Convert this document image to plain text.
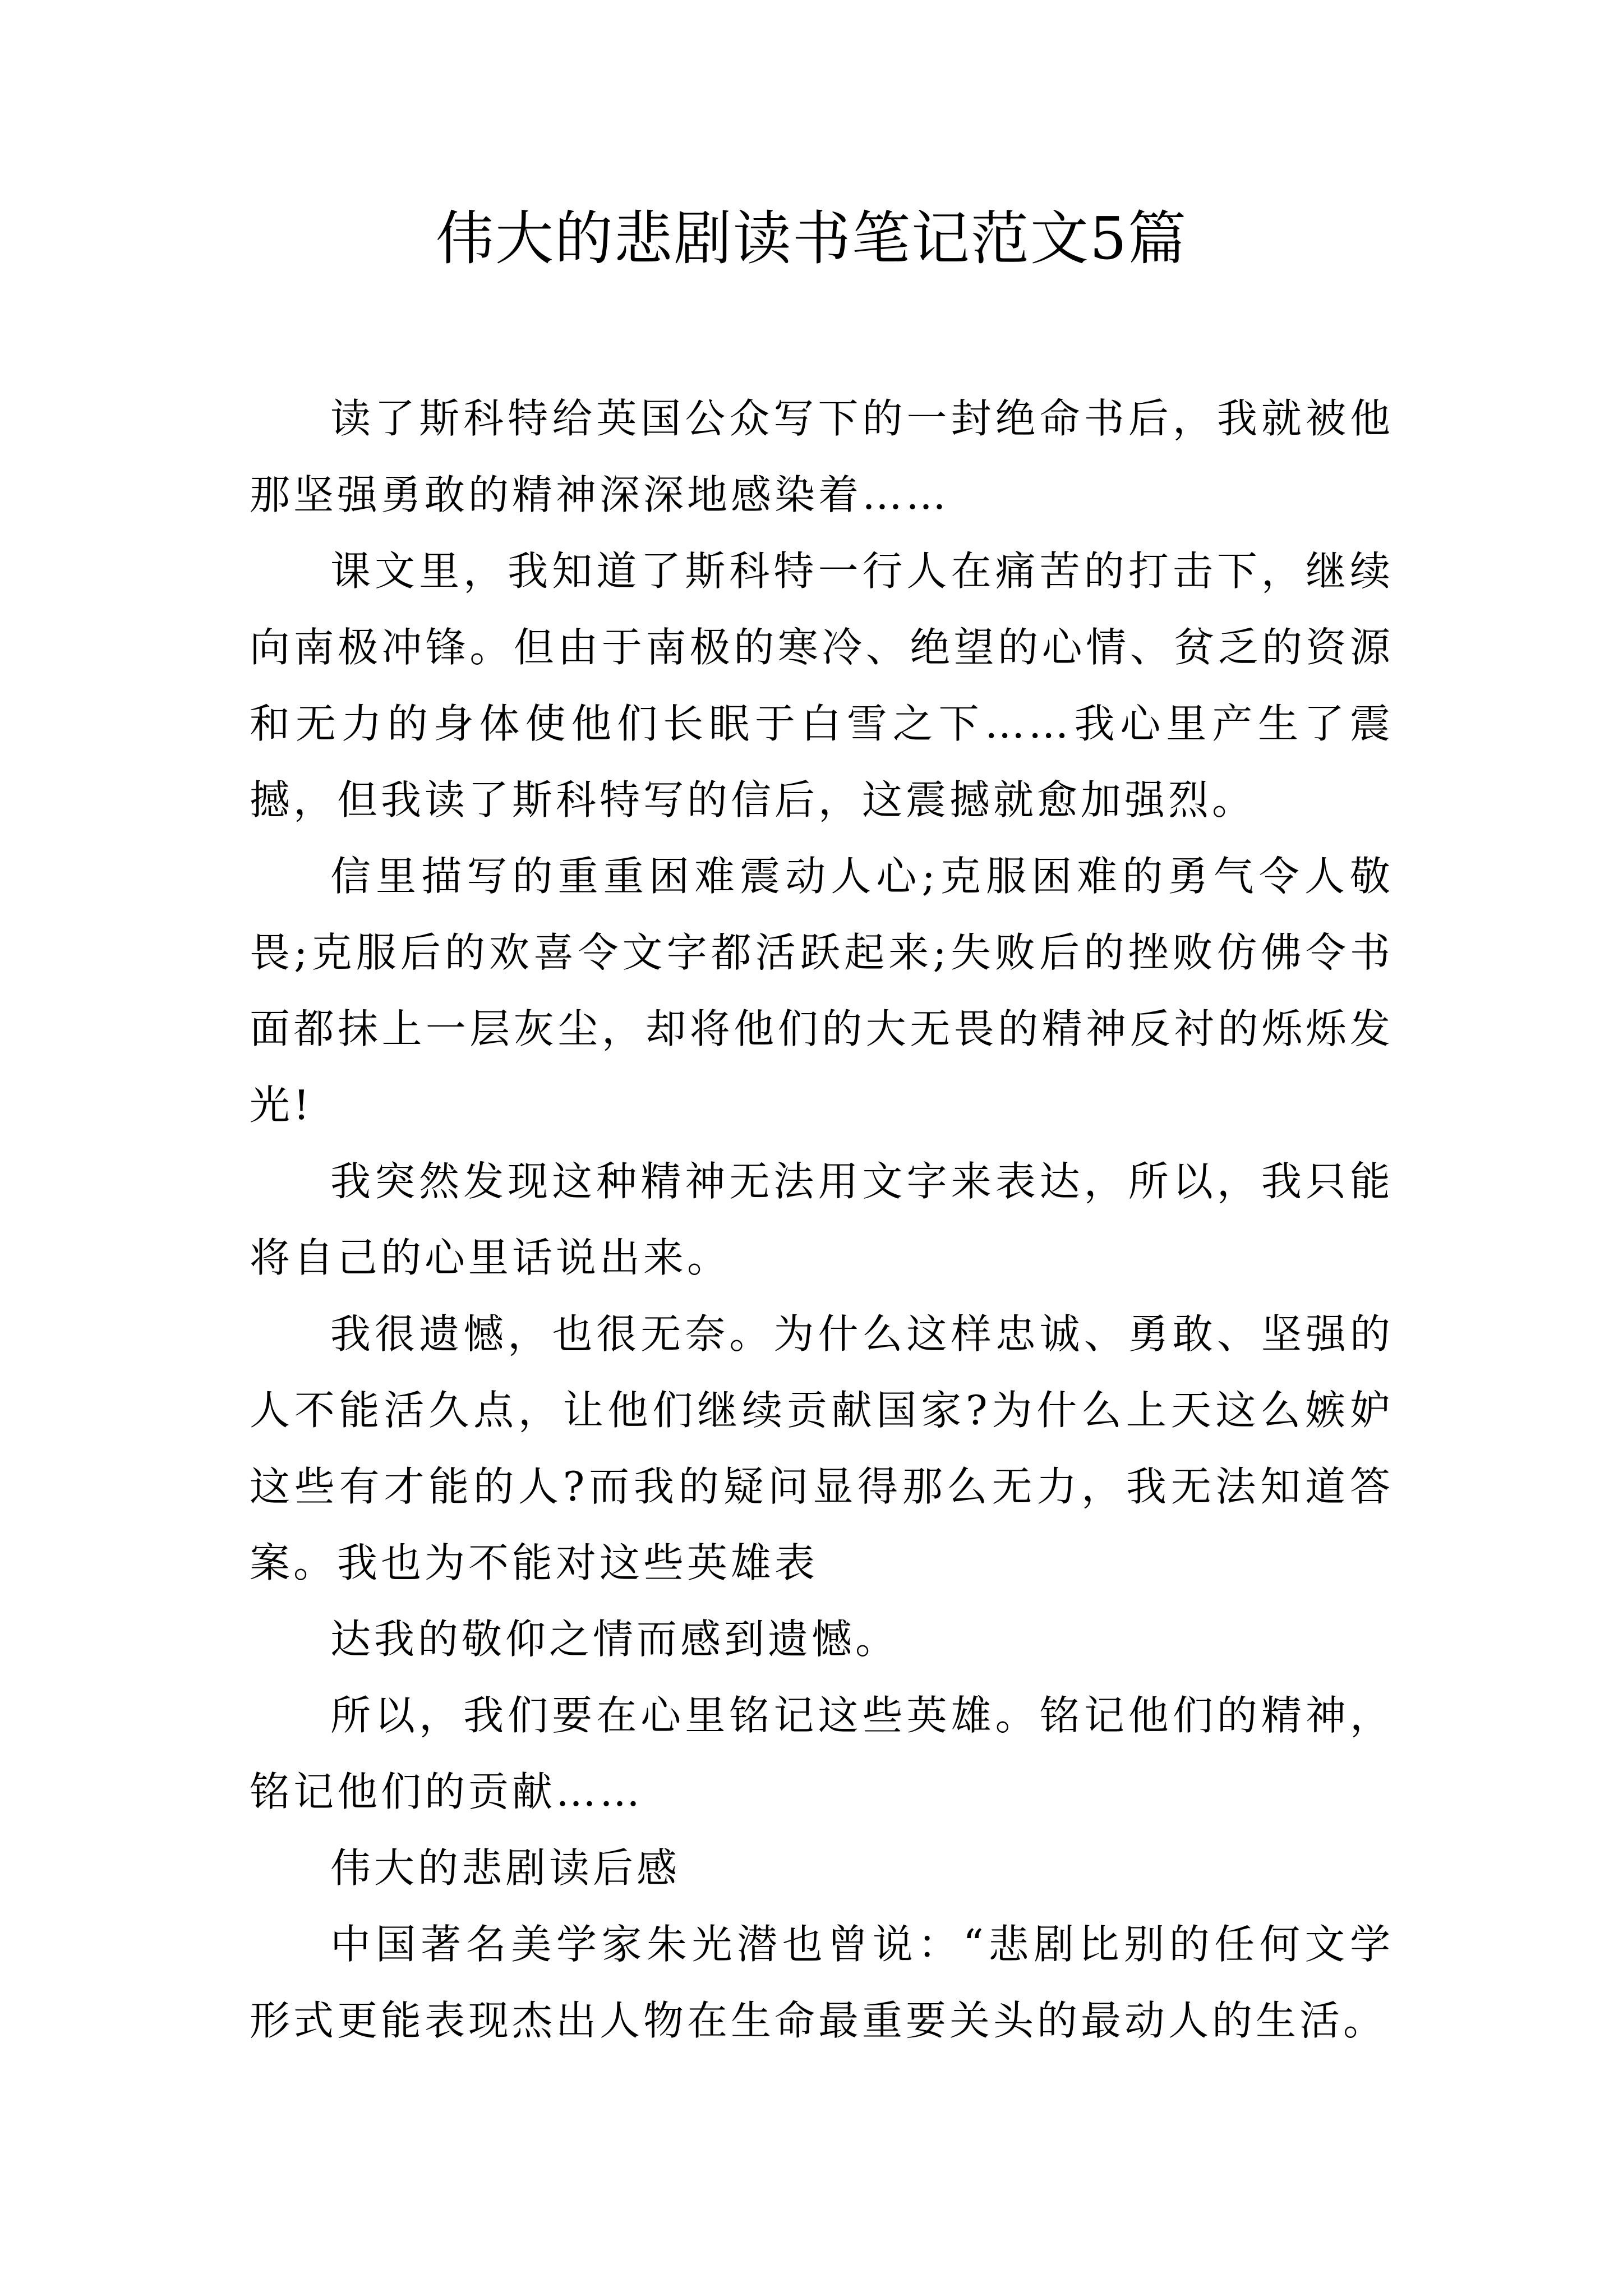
伟大的悲剧读书笔记范文5篇

读了斯科特给英国公众写下的一封绝命书后，我就被他那坚强勇敢的精神深深地感染着……

课文里，我知道了斯科特一行人在痛苦的打击下，继续向南极冲锋。但由于南极的寒冷、绝望的心情、贫乏的资源和无力的身体使他们长眠于白雪之下……我心里产生了震撼，但我读了斯科特写的信后，这震撼就愈加强烈。

信里描写的重重困难震动人心;克服困难的勇气令人敬畏;克服后的欢喜令文字都活跃起来;失败后的挫败仿佛令书面都抹上一层灰尘，却将他们的大无畏的精神反衬的烁烁发光!

我突然发现这种精神无法用文字来表达，所以，我只能将自己的心里话说出来。

我很遗憾，也很无奈。为什么这样忠诚、勇敢、坚强的人不能活久点，让他们继续贡献国家?为什么上天这么嫉妒这些有才能的人?而我的疑问显得那么无力，我无法知道答案。我也为不能对这些英雄表

达我的敬仰之情而感到遗憾。

所以，我们要在心里铭记这些英雄。铭记他们的精神，铭记他们的贡献……

伟大的悲剧读后感

中国著名美学家朱光潜也曾说：“悲剧比别的任何文学形式更能表现杰出人物在生命最重要关头的最动人的生活。
